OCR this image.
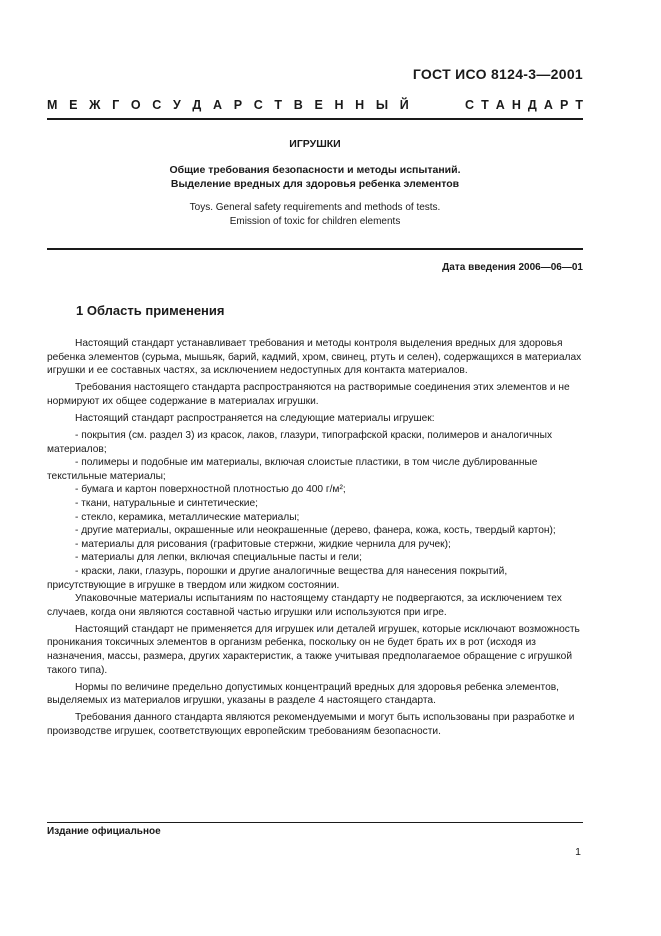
ГОСТ ИСО 8124-3—2001
М Е Ж Г О С У Д А Р С Т В Е Н Н Ы Й	С Т А Н Д А Р Т
ИГРУШКИ
Общие требования безопасности и методы испытаний.
Выделение вредных для здоровья ребенка элементов
Toys. General safety requirements and methods of tests.
Emission of toxic for children elements
Дата введения 2006—06—01
1 Область применения

Настоящий стандарт устанавливает требования и методы контроля выделения вредных для здоровья ребенка элементов (сурьма, мышьяк, барий, кадмий, хром, свинец, ртуть и селен), содержащихся в материалах игрушки и ее составных частях, за исключением недоступных для контакта материалов.

Требования настоящего стандарта распространяются на растворимые соединения этих элементов и не нормируют их общее содержание в материалах игрушки.

Настоящий стандарт распространяется на следующие материалы игрушек:

- покрытия (см. раздел 3) из красок, лаков, глазури, типографской краски, полимеров и аналогичных материалов;

- полимеры и подобные им материалы, включая слоистые пластики, в том числе дублированные текстильные материалы;

- бумага и картон поверхностной плотностью до 400 г/м²;

- ткани, натуральные и синтетические;

- стекло, керамика, металлические материалы;

- другие материалы, окрашенные или неокрашенные (дерево, фанера, кожа, кость, твердый картон);

- материалы для рисования (графитовые стержни, жидкие чернила для ручек);

- материалы для лепки, включая специальные пасты и гели;

- краски, лаки, глазурь, порошки и другие аналогичные вещества для нанесения покрытий, присутствующие в игрушке в твердом или жидком состоянии.

Упаковочные материалы испытаниям по настоящему стандарту не подвергаются, за исключением тех случаев, когда они являются составной частью игрушки или используются при игре.

Настоящий стандарт не применяется для игрушек или деталей игрушек, которые исключают возможность проникания токсичных элементов в организм ребенка, поскольку он не будет брать их в рот (исходя из назначения, массы, размера, других характеристик, а также учитывая предполагаемое обращение с игрушкой такого типа).

Нормы по величине предельно допустимых концентраций вредных для здоровья ребенка элементов, выделяемых из материалов игрушки, указаны в разделе 4 настоящего стандарта.

Требования данного стандарта являются рекомендуемыми и могут быть использованы при разработке и производстве игрушек, соответствующих европейским требованиям безопасности.

Издание официальное
1
